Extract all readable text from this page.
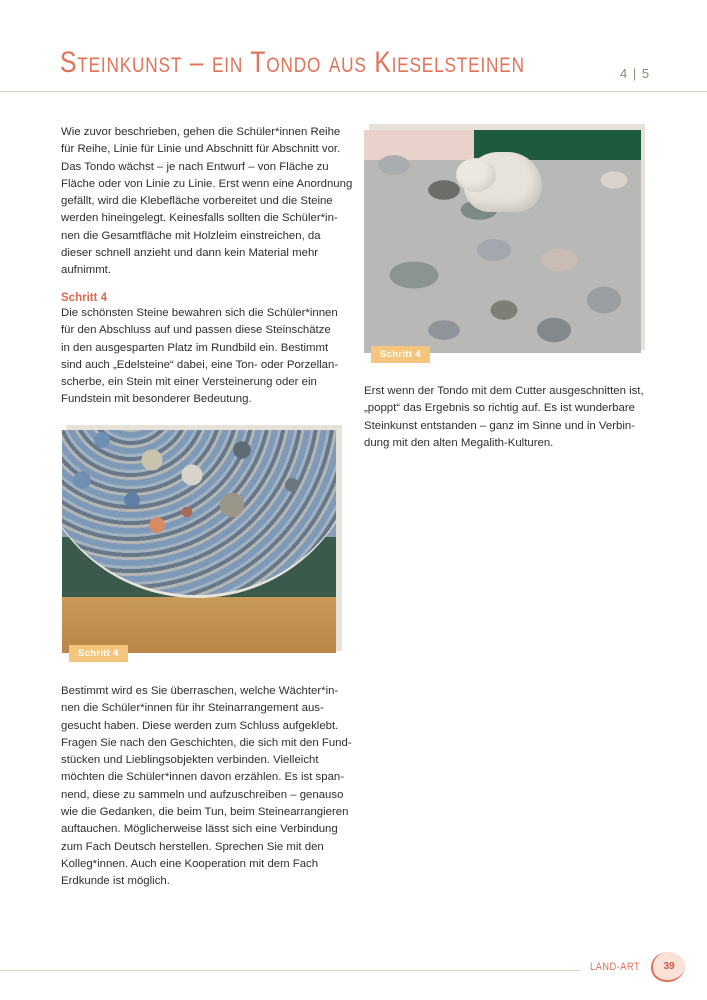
Steinkunst – ein Tondo aus Kieselsteinen	4 | 5

Wie zuvor beschrieben, gehen die Schüler*innen Reihe
für Reihe, Linie für Linie und Abschnitt für Abschnitt vor.
Das Tondo wächst – je nach Entwurf – von Fläche zu
Fläche oder von Linie zu Linie. Erst wenn eine Anordnung
gefällt, wird die Klebefläche vorbereitet und die Steine
werden hineingelegt. Keinesfalls sollten die Schüler*in-
nen die Gesamtfläche mit Holzleim einstreichen, da
dieser schnell anzieht und dann kein Material mehr
aufnimmt.

Schritt 4

Die schönsten Steine bewahren sich die Schüler*innen
für den Abschluss auf und passen diese Steinschätze
in den ausgesparten Platz im Rundbild ein. Bestimmt
sind auch „Edelsteine“ dabei, eine Ton- oder Porzellan-
scherbe, ein Stein mit einer Versteinerung oder ein
Fundstein mit besonderer Bedeutung.

Schritt 4

Bestimmt wird es Sie überraschen, welche Wächter*in-
nen die Schüler*innen für ihr Steinarrangement aus-
gesucht haben. Diese werden zum Schluss aufgeklebt.
Fragen Sie nach den Geschichten, die sich mit den Fund-
stücken und Lieblingsobjekten verbinden. Vielleicht
möchten die Schüler*innen davon erzählen. Es ist span-
nend, diese zu sammeln und aufzuschreiben – genauso
wie die Gedanken, die beim Tun, beim Steinearrangieren
auftauchen. Möglicherweise lässt sich eine Verbindung
zum Fach Deutsch herstellen. Sprechen Sie mit den
Kolleg*innen. Auch eine Kooperation mit dem Fach
Erdkunde ist möglich.

Schritt 4

Erst wenn der Tondo mit dem Cutter ausgeschnitten ist,
„poppt“ das Ergebnis so richtig auf. Es ist wunderbare
Steinkunst entstanden – ganz im Sinne und in Verbin-
dung mit den alten Megalith-Kulturen.

LAND-ART 39
